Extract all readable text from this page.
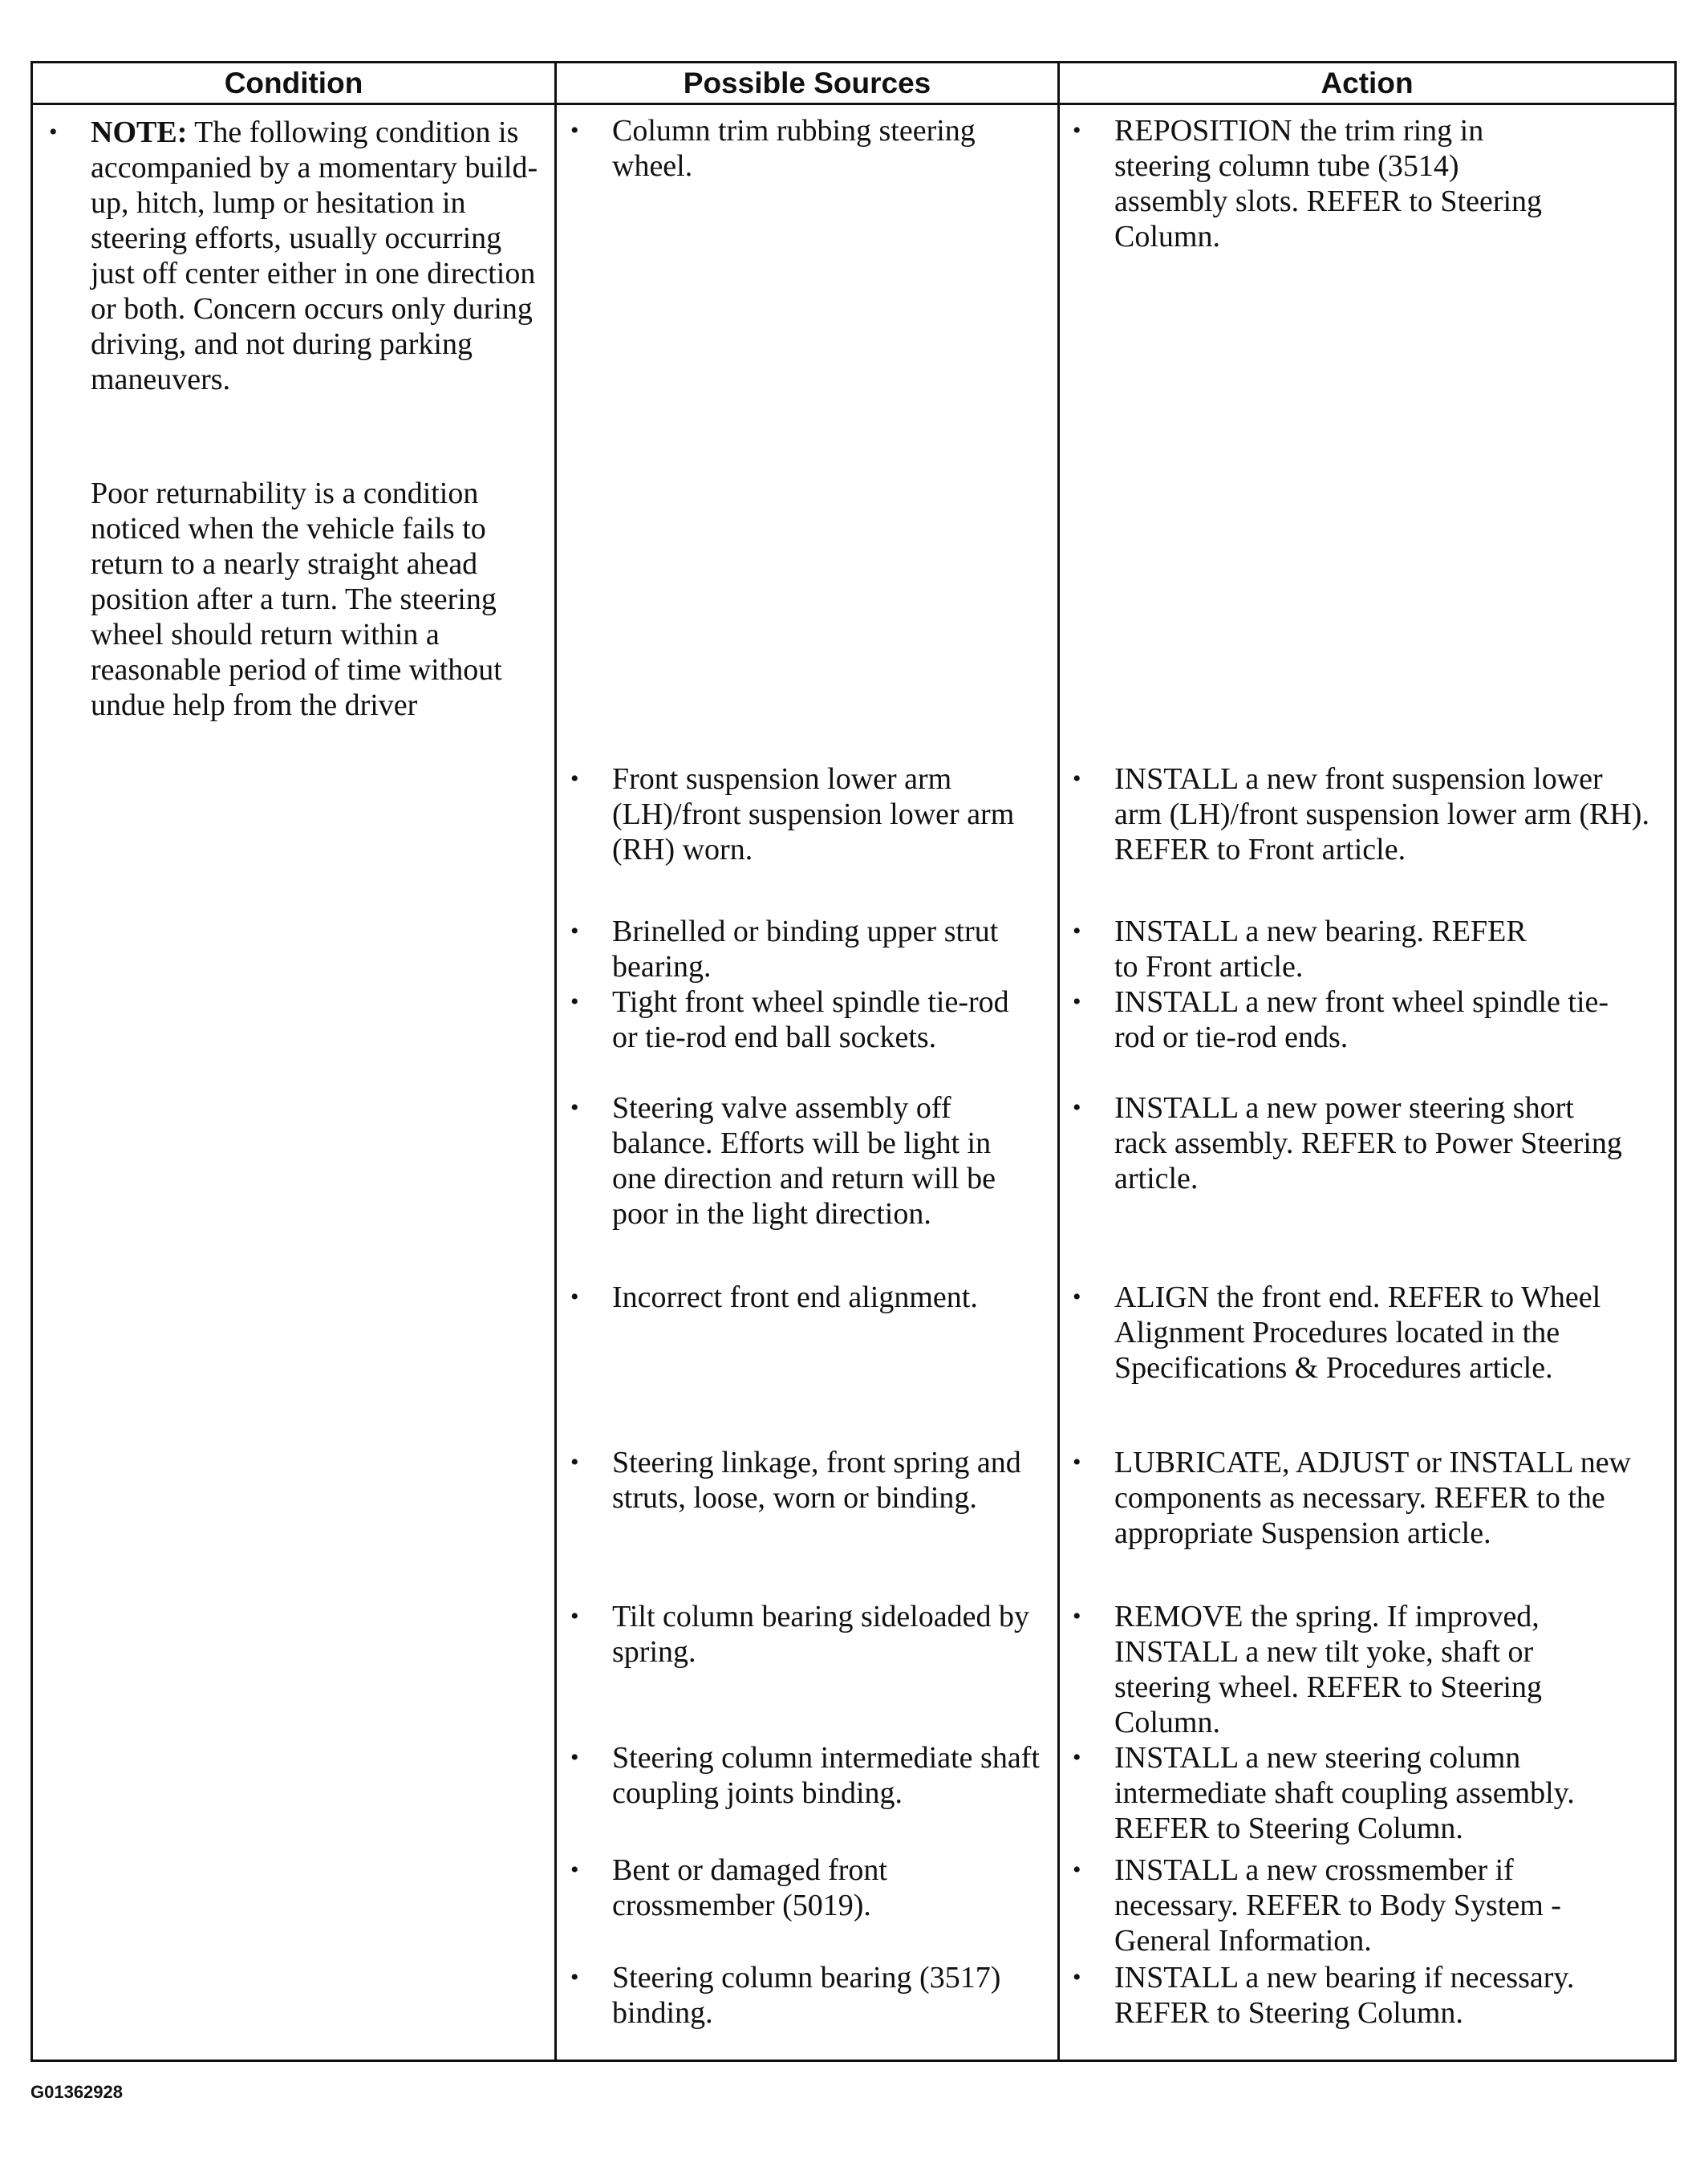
Condition	Possible Sources	Action
• NOTE: The following condition is accompanied by a momentary build-up, hitch, lump or hesitation in steering efforts, usually occurring just off center either in one direction or both. Concern occurs only during driving, and not during parking maneuvers.
Poor returnability is a condition noticed when the vehicle fails to return to a nearly straight ahead position after a turn. The steering wheel should return within a reasonable period of time without undue help from the driver
• Column trim rubbing steering wheel.
• Front suspension lower arm (LH)/front suspension lower arm (RH) worn.
• Brinelled or binding upper strut bearing.
• Tight front wheel spindle tie-rod or tie-rod end ball sockets.
• Steering valve assembly off balance. Efforts will be light in one direction and return will be poor in the light direction.
• Incorrect front end alignment.
• Steering linkage, front spring and struts, loose, worn or binding.
• Tilt column bearing sideloaded by spring.
• Steering column intermediate shaft coupling joints binding.
• Bent or damaged front crossmember (5019).
• Steering column bearing (3517) binding.
• REPOSITION the trim ring in steering column tube (3514) assembly slots. REFER to Steering Column.
• INSTALL a new front suspension lower arm (LH)/front suspension lower arm (RH). REFER to Front article.
• INSTALL a new bearing. REFER to Front article.
• INSTALL a new front wheel spindle tie-rod or tie-rod ends.
• INSTALL a new power steering short rack assembly. REFER to Power Steering article.
• ALIGN the front end. REFER to Wheel Alignment Procedures located in the Specifications & Procedures article.
• LUBRICATE, ADJUST or INSTALL new components as necessary. REFER to the appropriate Suspension article.
• REMOVE the spring. If improved, INSTALL a new tilt yoke, shaft or steering wheel. REFER to Steering Column.
• INSTALL a new steering column intermediate shaft coupling assembly. REFER to Steering Column.
• INSTALL a new crossmember if necessary. REFER to Body System - General Information.
• INSTALL a new bearing if necessary. REFER to Steering Column.
G01362928
